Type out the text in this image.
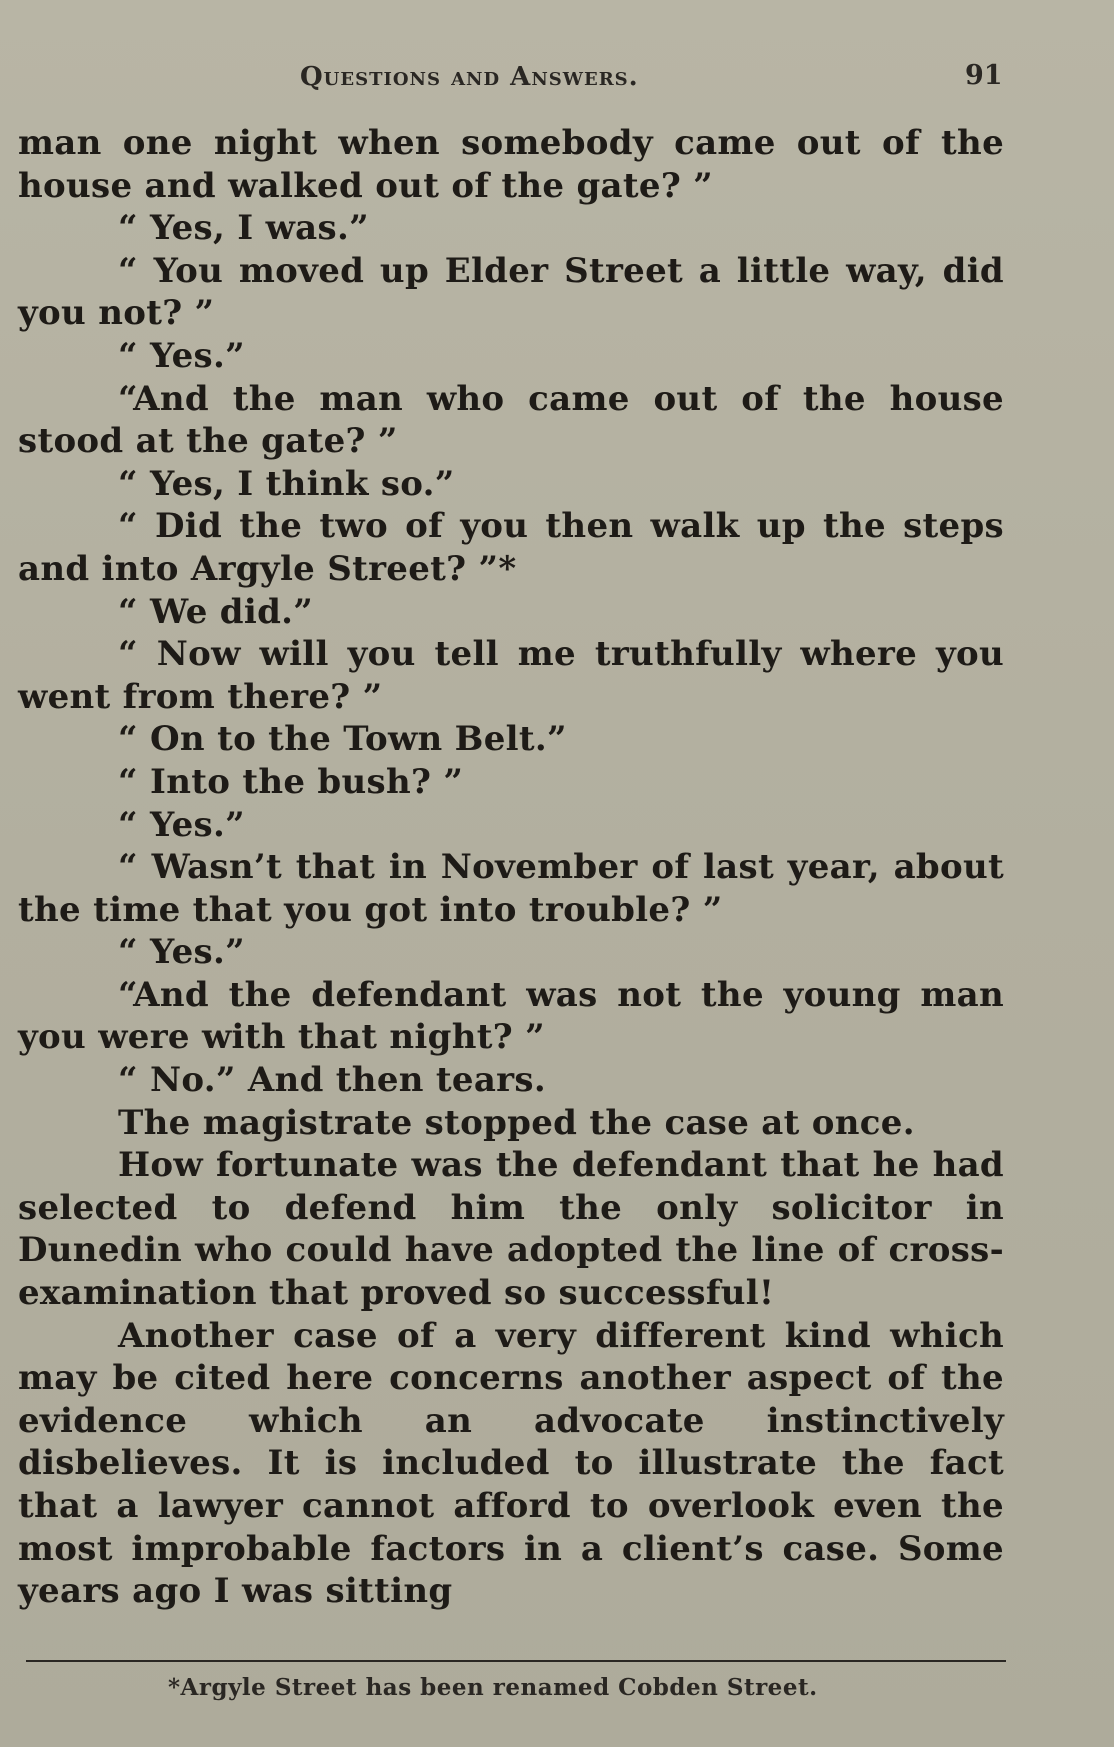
Questions and Answers.	91

man one night when somebody came out of the house and walked out of the gate? ”

“ Yes, I was.”

“ You moved up Elder Street a little way, did you not? ”

“ Yes.”

“And the man who came out of the house stood at the gate? ”

“ Yes, I think so.”

“ Did the two of you then walk up the steps and into Argyle Street? ”*

“ We did.”

“ Now will you tell me truthfully where you went from there? ”

“ On to the Town Belt.”

“ Into the bush? ”

“ Yes.”

“ Wasn’t that in November of last year, about the time that you got into trouble? ”

“ Yes.”

“And the defendant was not the young man you were with that night? ”

“ No.” And then tears.

The magistrate stopped the case at once.

How fortunate was the defendant that he had selected to defend him the only solicitor in Dunedin who could have adopted the line of cross-examination that proved so successful!

Another case of a very different kind which may be cited here concerns another aspect of the evidence which an advocate instinctively disbelieves. It is included to illustrate the fact that a lawyer cannot afford to overlook even the most improbable factors in a client’s case. Some years ago I was sitting

*Argyle Street has been renamed Cobden Street.
